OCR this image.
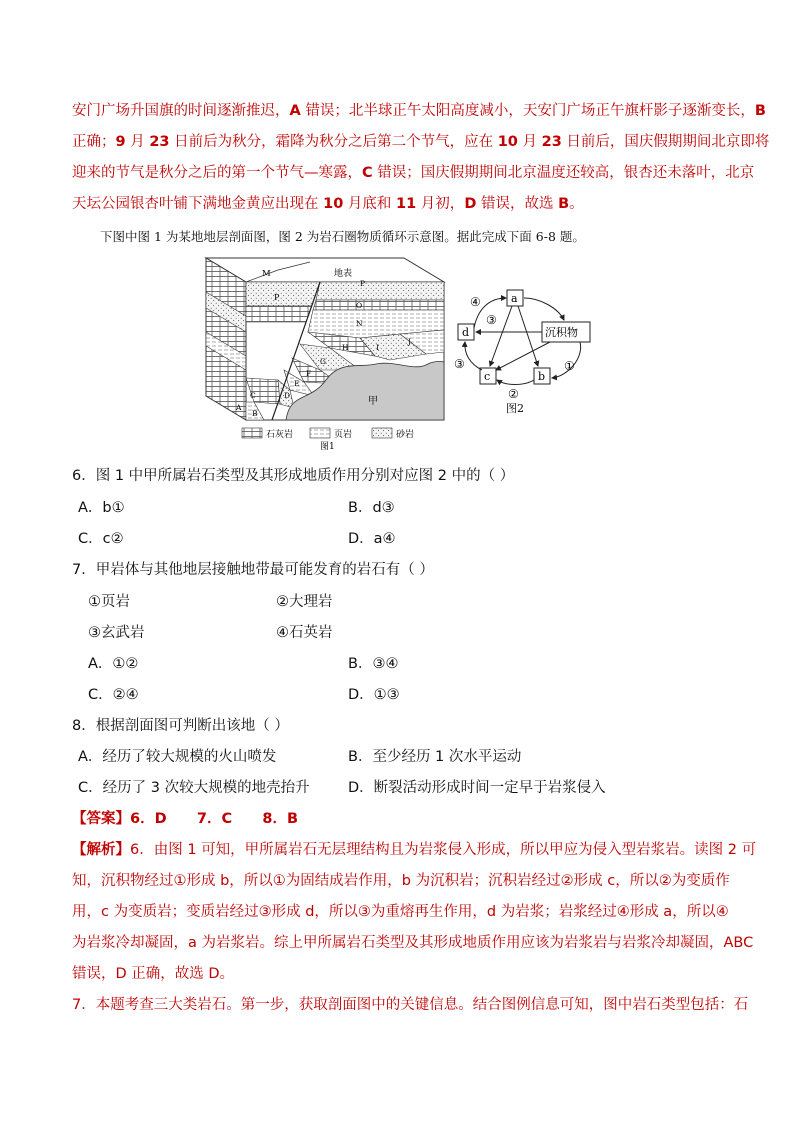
安门广场升国旗的时间逐渐推迟，A 错误；北半球正午太阳高度减小，天安门广场正午旗杆影子逐渐变长，B
正确；9 月 23 日前后为秋分，霜降为秋分之后第二个节气，应在 10 月 23 日前后，国庆假期期间北京即将
迎来的节气是秋分之后的第一个节气—寒露，C 错误；国庆假期期间北京温度还较高，银杏还未落叶，北京
天坛公园银杏叶铺下满地金黄应出现在 10 月底和 11 月初，D 错误，故选 B。
下图中图 1 为某地地层剖面图，图 2 为岩石圈物质循环示意图。据此完成下面 6-8 题。
M	地表
P
P
O
N
H	I
J
G
F
E
D
C
B
A
甲
石灰岩	页岩	砂岩
图1
a
d
c	b
沉积物
④
③
③
②
①
图2
6．图 1 中甲所属岩石类型及其形成地质作用分别对应图 2 中的（ ）
A．b①	B．d③
C．c②	D．a④
7．甲岩体与其他地层接触地带最可能发育的岩石有（ ）
①页岩	②大理岩
③玄武岩	④石英岩
A．①②	B．③④
C．②④	D．①③
8．根据剖面图可判断出该地（ ）
A．经历了较大规模的火山喷发	B．至少经历 1 次水平运动
C．经历了 3 次较大规模的地壳抬升	D．断裂活动形成时间一定早于岩浆侵入
【答案】6．D      7．C      8．B
【解析】6．由图 1 可知，甲所属岩石无层理结构且为岩浆侵入形成，所以甲应为侵入型岩浆岩。读图 2 可
知，沉积物经过①形成 b，所以①为固结成岩作用，b 为沉积岩；沉积岩经过②形成 c，所以②为变质作
用，c 为变质岩；变质岩经过③形成 d，所以③为重熔再生作用，d 为岩浆；岩浆经过④形成 a，所以④
为岩浆冷却凝固，a 为岩浆岩。综上甲所属岩石类型及其形成地质作用应该为岩浆岩与岩浆冷却凝固，ABC
错误，D 正确，故选 D。
7．本题考查三大类岩石。第一步，获取剖面图中的关键信息。结合图例信息可知，图中岩石类型包括：石
